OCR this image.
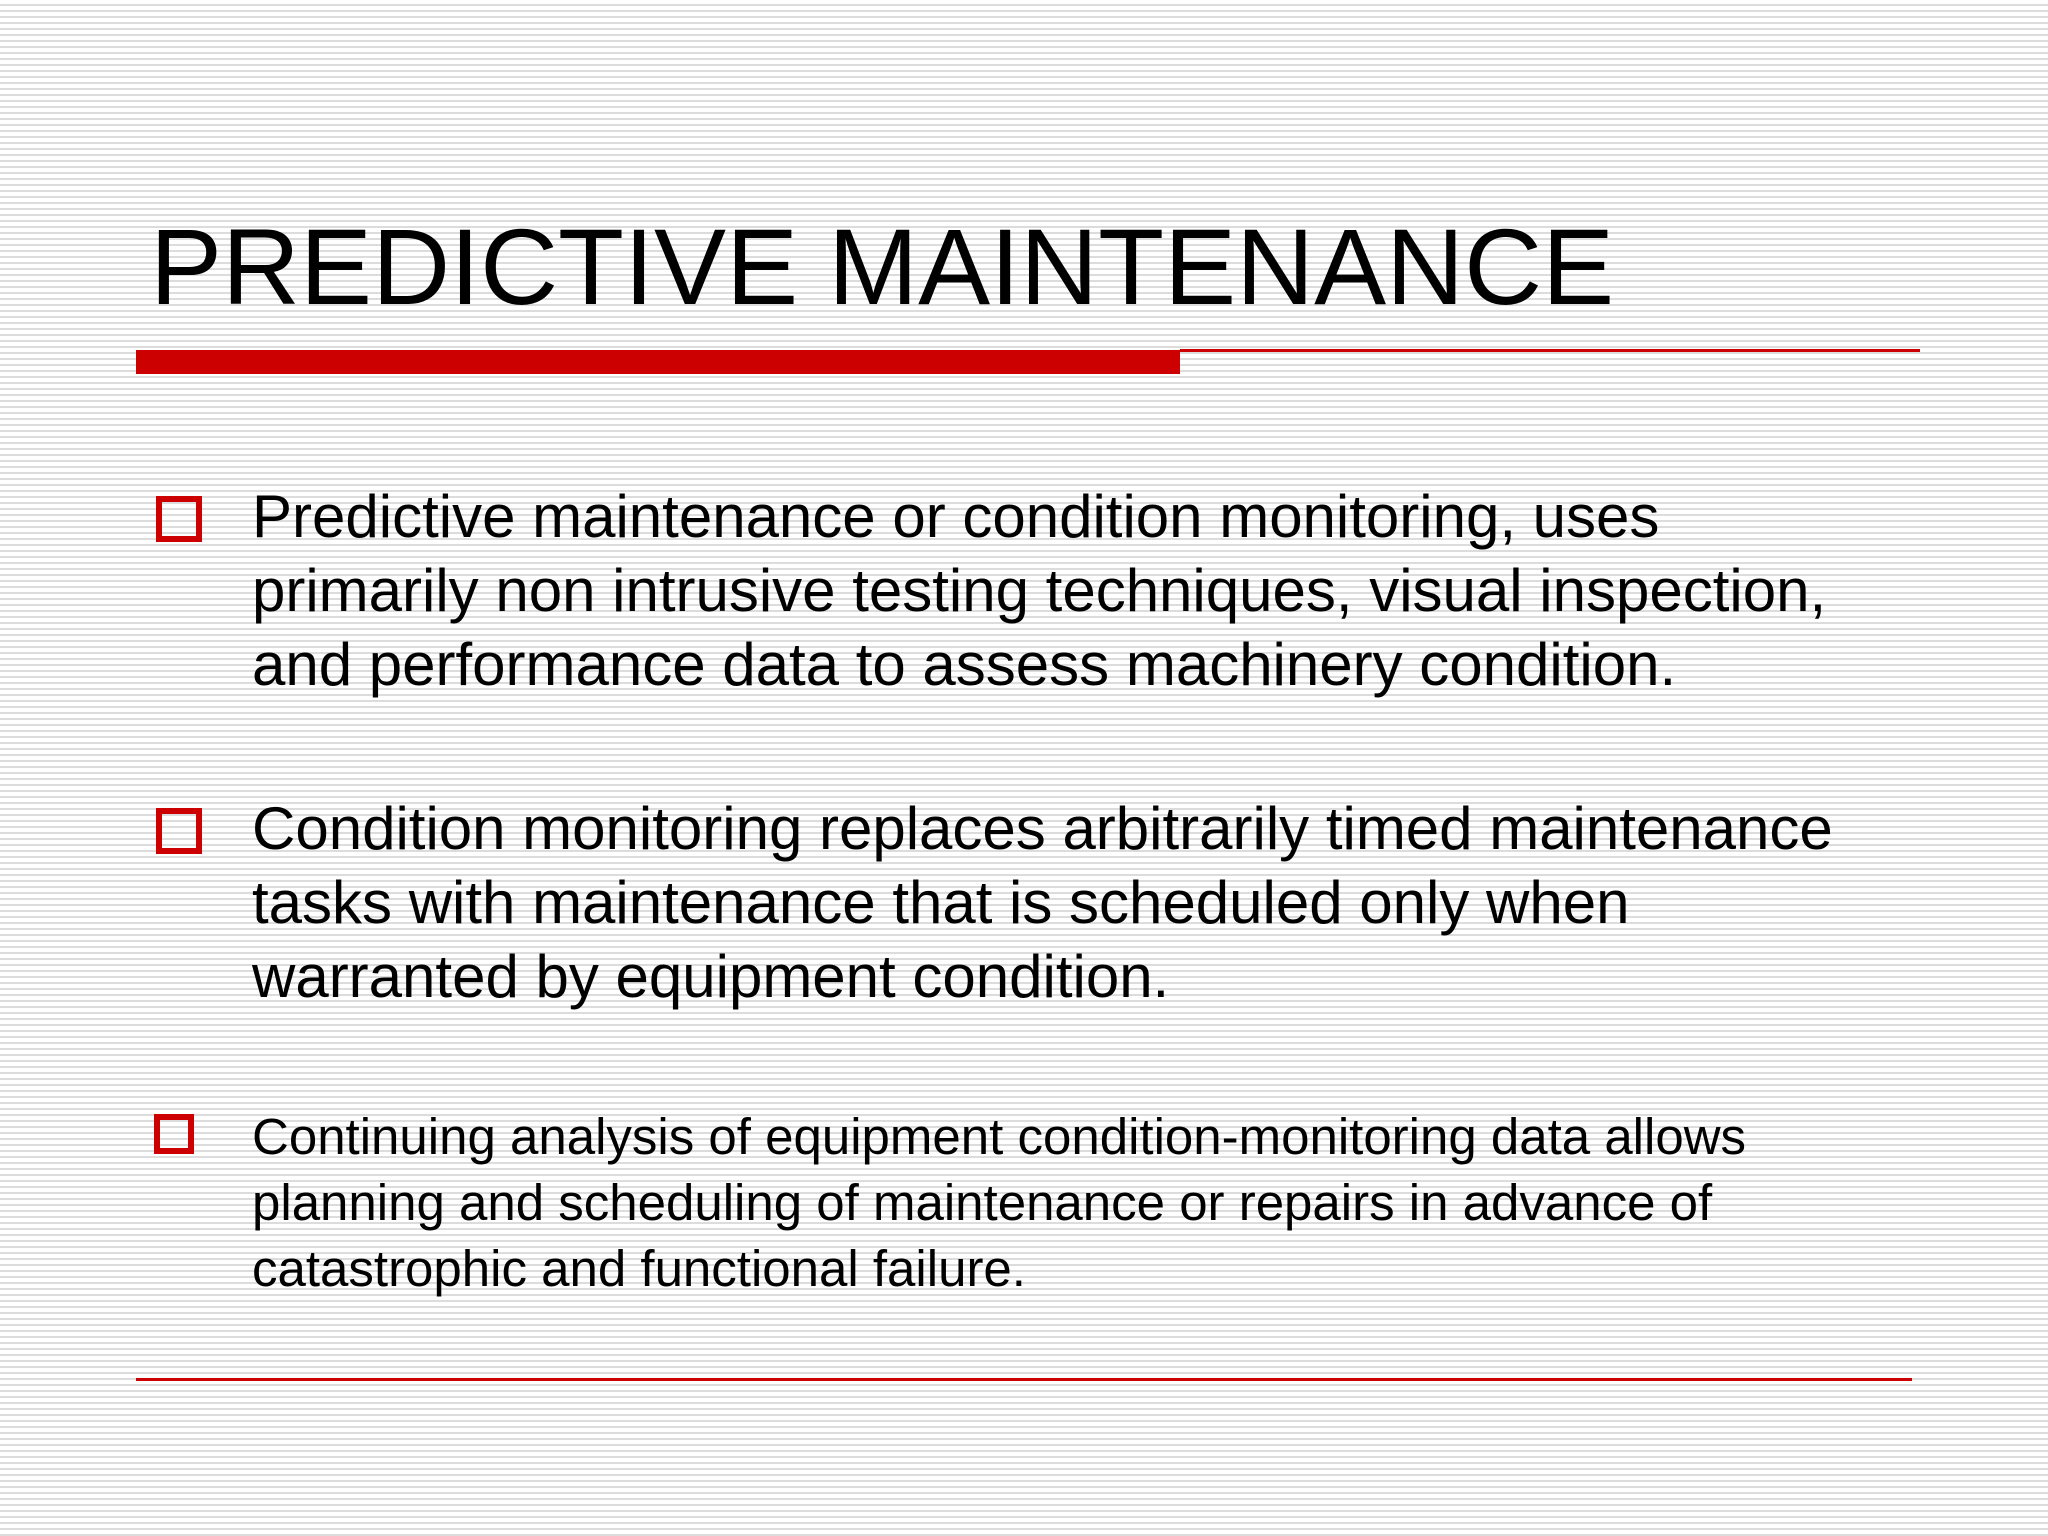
PREDICTIVE MAINTENANCE

Predictive maintenance or condition monitoring, uses primarily non intrusive testing techniques, visual inspection, and performance data to assess machinery condition.

Condition monitoring replaces arbitrarily timed maintenance tasks with maintenance that is scheduled only when warranted by equipment condition.

Continuing analysis of equipment condition-monitoring data allows planning and scheduling of maintenance or repairs in advance of catastrophic and functional failure.
